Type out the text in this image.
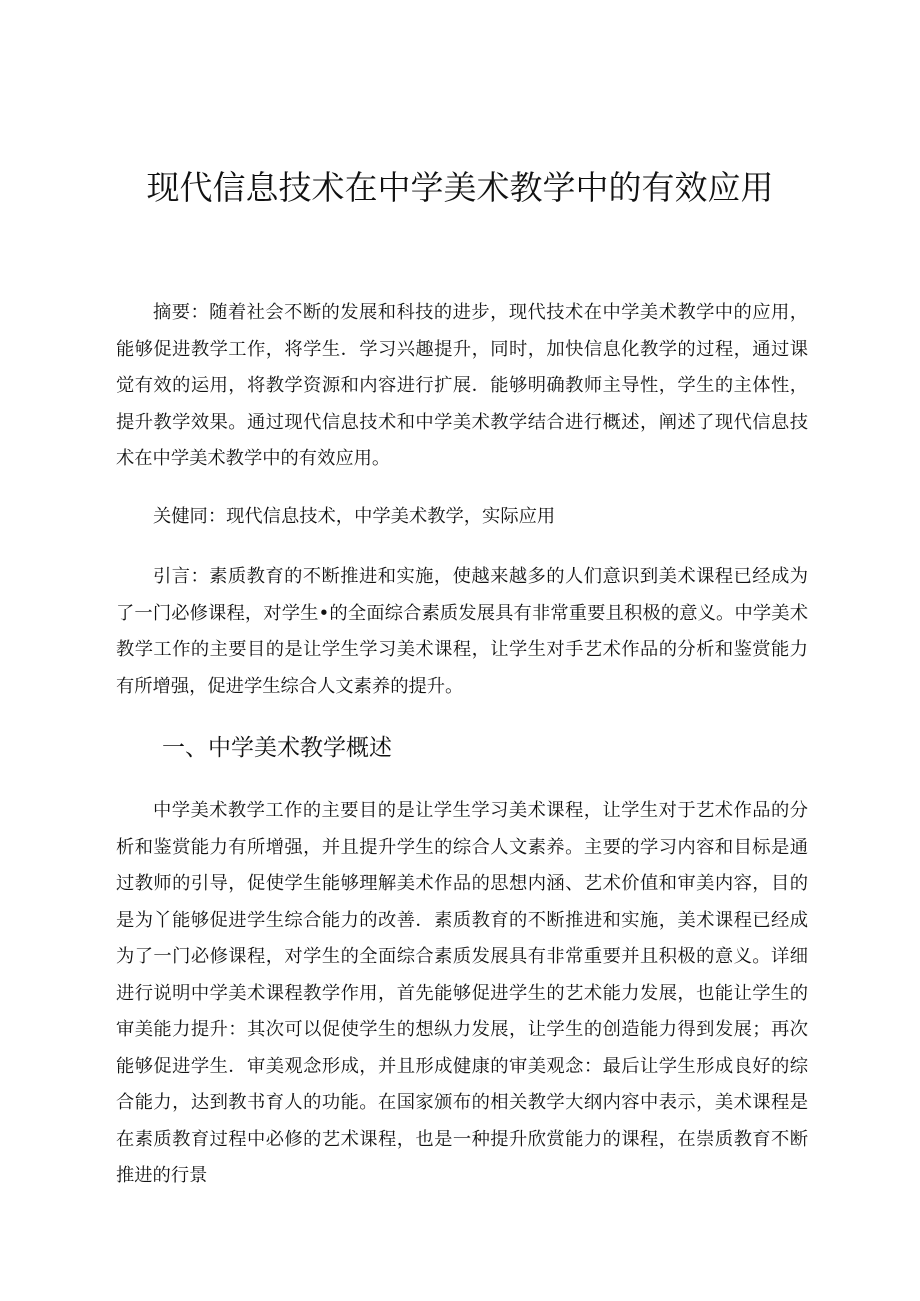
现代信息技术在中学美术教学中的有效应用

摘要：随着社会不断的发展和科技的进步，现代技术在中学美术教学中的应用，能够促进教学工作，将学生．学习兴趣提升，同时，加快信息化教学的过程，通过课觉有效的运用，将教学资源和内容进行扩展．能够明确教师主导性，学生的主体性，提升教学效果。通过现代信息技术和中学美术教学结合进行概述，阐述了现代信息技术在中学美术教学中的有效应用。

关健同：现代信息技术，中学美术教学，实际应用

引言：素质教育的不断推进和实施，使越来越多的人们意识到美术课程已经成为了一门必修课程，对学生•的全面综合素质发展具有非常重要且积极的意义。中学美术教学工作的主要目的是让学生学习美术课程，让学生对手艺术作品的分析和鉴赏能力有所增强，促进学生综合人文素养的提升。

一、中学美术教学概述

中学美术教学工作的主要目的是让学生学习美术课程，让学生对于艺术作品的分析和鉴赏能力有所增强，并且提升学生的综合人文素养。主要的学习内容和目标是通过教师的引导，促使学生能够理解美术作品的思想内涵、艺术价值和审美内容，目的是为丫能够促进学生综合能力的改善．素质教育的不断推进和实施，美术课程已经成为了一门必修课程，对学生的全面综合素质发展具有非常重要并且积极的意义。详细进行说明中学美术课程教学作用，首先能够促进学生的艺术能力发展，也能让学生的审美能力提升：其次可以促使学生的想纵力发展，让学生的创造能力得到发展；再次能够促进学生．审美观念形成，并且形成健康的审美观念：最后让学生形成良好的综合能力，达到教书育人的功能。在国家颁布的相关教学大纲内容中表示，美术课程是在素质教育过程中必修的艺术课程，也是一种提升欣赏能力的课程，在崇质教育不断推进的行景
